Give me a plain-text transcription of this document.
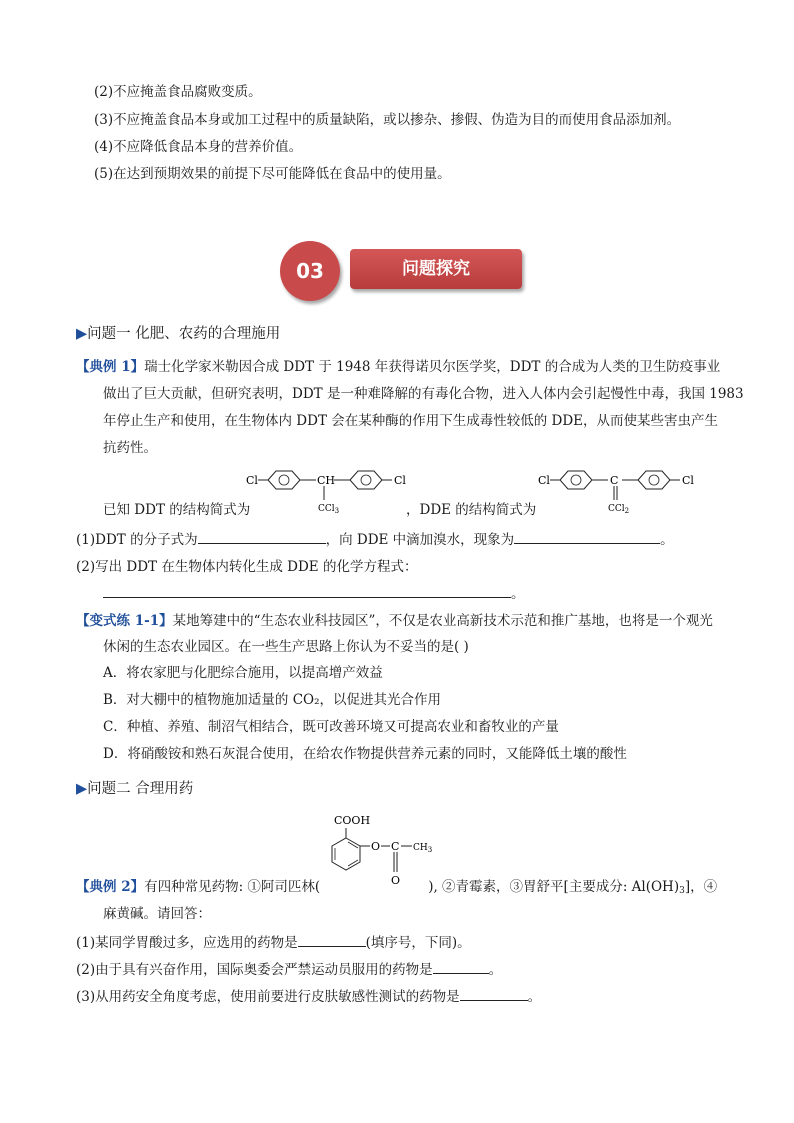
(2)不应掩盖食品腐败变质。
(3)不应掩盖食品本身或加工过程中的质量缺陷，或以掺杂、掺假、伪造为目的而使用食品添加剂。
(4)不应降低食品本身的营养价值。
(5)在达到预期效果的前提下尽可能降低在食品中的使用量。
03	问题探究
▶问题一 化肥、农药的合理施用
【典例 1】瑞士化学家米勒因合成 DDT 于 1948 年获得诺贝尔医学奖，DDT 的合成为人类的卫生防疫事业
做出了巨大贡献，但研究表明，DDT 是一种难降解的有毒化合物，进入人体内会引起慢性中毒，我国 1983
年停止生产和使用，在生物体内 DDT 会在某种酶的作用下生成毒性较低的 DDE，从而使某些害虫产生
抗药性。
Cl	CH
CCl$_3$
Cl	Cl	C
CCl$_2$
Cl
已知 DDT 的结构简式为	，DDE 的结构简式为
(1)DDT 的分子式为	，向 DDE 中滴加溴水，现象为	。
(2)写出 DDT 在生物体内转化生成 DDE 的化学方程式：
。
【变式练 1-1】某地筹建中的“生态农业科技园区”，不仅是农业高新技术示范和推广基地，也将是一个观光
休闲的生态农业园区。在一些生产思路上你认为不妥当的是( )
A．将农家肥与化肥综合施用，以提高增产效益
B．对大棚中的植物施加适量的 CO₂，以促进其光合作用
C．种植、养殖、制沼气相结合，既可改善环境又可提高农业和畜牧业的产量
D．将硝酸铵和熟石灰混合使用，在给农作物提供营养元素的同时，又能降低土壤的酸性
▶问题二 合理用药
COOH
O C
O
$CH_3$
【典例 2】有四种常见药物: ①阿司匹林(	), ②青霉素，③胃舒平[主要成分: Al(OH)3]，④
麻黄碱。请回答：
(1)某同学胃酸过多，应选用的药物是	(填序号，下同)。
(2)由于具有兴奋作用，国际奥委会严禁运动员服用的药物是	。
(3)从用药安全角度考虑，使用前要进行皮肤敏感性测试的药物是	。
